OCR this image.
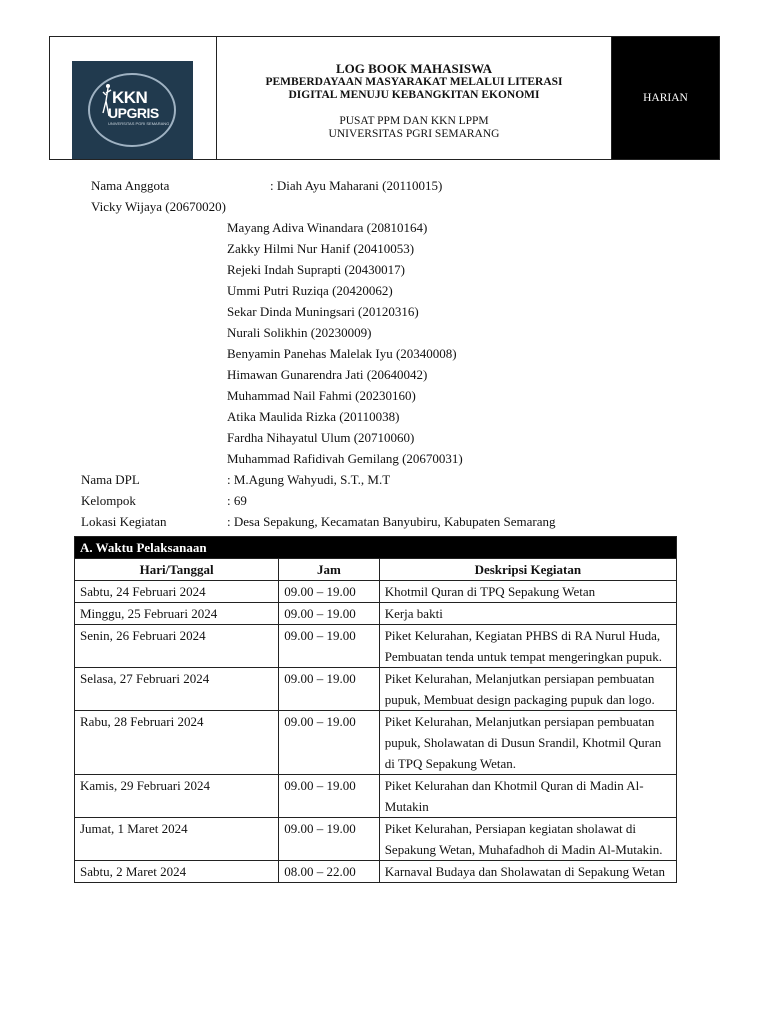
KKN
UPGRIS
UNIVERSITAS PGRI SEMARANG
LOG BOOK MAHASISWA
PEMBERDAYAAN MASYARAKAT MELALUI LITERASI
DIGITAL MENUJU KEBANGKITAN EKONOMI
PUSAT PPM DAN KKN LPPM
UNIVERSITAS PGRI SEMARANG
HARIAN
Nama Anggota	: Diah Ayu Maharani (20110015)
Vicky Wijaya (20670020)
Mayang Adiva Winandara (20810164)
Zakky Hilmi Nur Hanif (20410053)
Rejeki Indah Suprapti (20430017)
Ummi Putri Ruziqa (20420062)
Sekar Dinda Muningsari (20120316)
Nurali Solikhin (20230009)
Benyamin Panehas Malelak Iyu (20340008)
Himawan Gunarendra Jati (20640042)
Muhammad Nail Fahmi (20230160)
Atika Maulida Rizka (20110038)
Fardha Nihayatul Ulum (20710060)
Muhammad Rafidivah Gemilang (20670031)
Nama DPL	: M.Agung Wahyudi, S.T., M.T
Kelompok	: 69
Lokasi Kegiatan	: Desa Sepakung, Kecamatan Banyubiru, Kabupaten Semarang
A. Waktu Pelaksanaan		
Hari/Tanggal	Jam	Deskripsi Kegiatan
Sabtu, 24 Februari 2024	09.00 – 19.00	Khotmil Quran di TPQ Sepakung Wetan
Minggu, 25 Februari 2024	09.00 – 19.00	Kerja bakti
Senin, 26 Februari 2024	09.00 – 19.00	Piket Kelurahan, Kegiatan PHBS di RA Nurul Huda, Pembuatan tenda untuk tempat mengeringkan pupuk.
Selasa, 27 Februari 2024	09.00 – 19.00	Piket Kelurahan, Melanjutkan persiapan pembuatan pupuk, Membuat design packaging pupuk dan logo.
Rabu, 28 Februari 2024	09.00 – 19.00	Piket Kelurahan, Melanjutkan persiapan pembuatan pupuk, Sholawatan di Dusun Srandil, Khotmil Quran di TPQ Sepakung Wetan.
Kamis, 29 Februari 2024	09.00 – 19.00	Piket Kelurahan dan Khotmil Quran di Madin Al-Mutakin
Jumat, 1 Maret 2024	09.00 – 19.00	Piket Kelurahan, Persiapan kegiatan sholawat di Sepakung Wetan, Muhafadhoh di Madin Al-Mutakin.
Sabtu, 2 Maret 2024	08.00 – 22.00	Karnaval Budaya dan Sholawatan di Sepakung Wetan
